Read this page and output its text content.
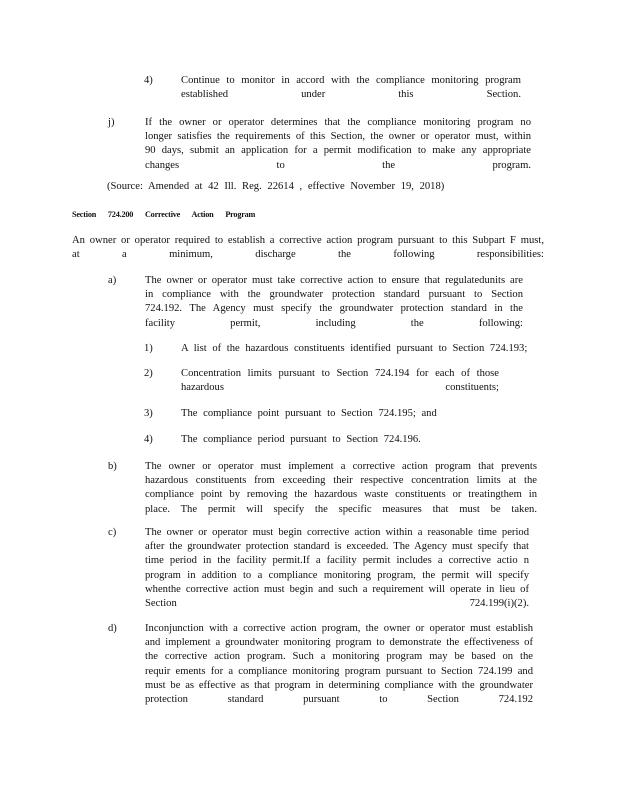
4)	Continue to monitor in accord with the compliance monitoring program established under this Section.
j)	If the owner or operator determines that the compliance monitoring program no longer satisfies the requirements of this Section, the owner or operator must, within 90 days, submit an application for a permit modification to make any appropriate changes to the program.
(Source: Amended at 42 Ill. Reg. 22614 , effective November 19, 2018)
Section 724.200 Corrective Action Program
An owner or operator required to establish a corrective action program pursuant to this Subpart F must, at a minimum, discharge the following responsibilities:
a)	The owner or operator must take corrective action to ensure that regulatedunits are in compliance with the groundwater protection standard pursuant to Section 724.192. The Agency must specify the groundwater protection standard in the facility permit, including the following:
1)	A list of the hazardous constituents identified pursuant to Section 724.193;
2)	Concentration limits pursuant to Section 724.194 for each of those hazardous constituents;
3)	The compliance point pursuant to Section 724.195; and
4)	The compliance period pursuant to Section 724.196.
b)	The owner or operator must implement a corrective action program that prevents hazardous constituents from exceeding their respective concentration limits at the compliance point by removing the hazardous waste constituents or treatingthem in place. The permit will specify the specific measures that must be taken.
c)	The owner or operator must begin corrective action within a reasonable time period after the groundwater protection standard is exceeded. The Agency must specify that time period in the facility permit.If a facility permit includes a corrective actio n program in addition to a compliance monitoring program, the permit will specify whenthe corrective action must begin and such a requirement will operate in lieu of Section 724.199(i)(2).
d)	Inconjunction with a corrective action program, the owner or operator must establish and implement a groundwater monitoring program to demonstrate the effectiveness of the corrective action program. Such a monitoring program may be based on the requir ements for a compliance monitoring program pursuant to Section 724.199 and must be as effective as that program in determining compliance with the groundwater protection standard pursuant to Section 724.192
